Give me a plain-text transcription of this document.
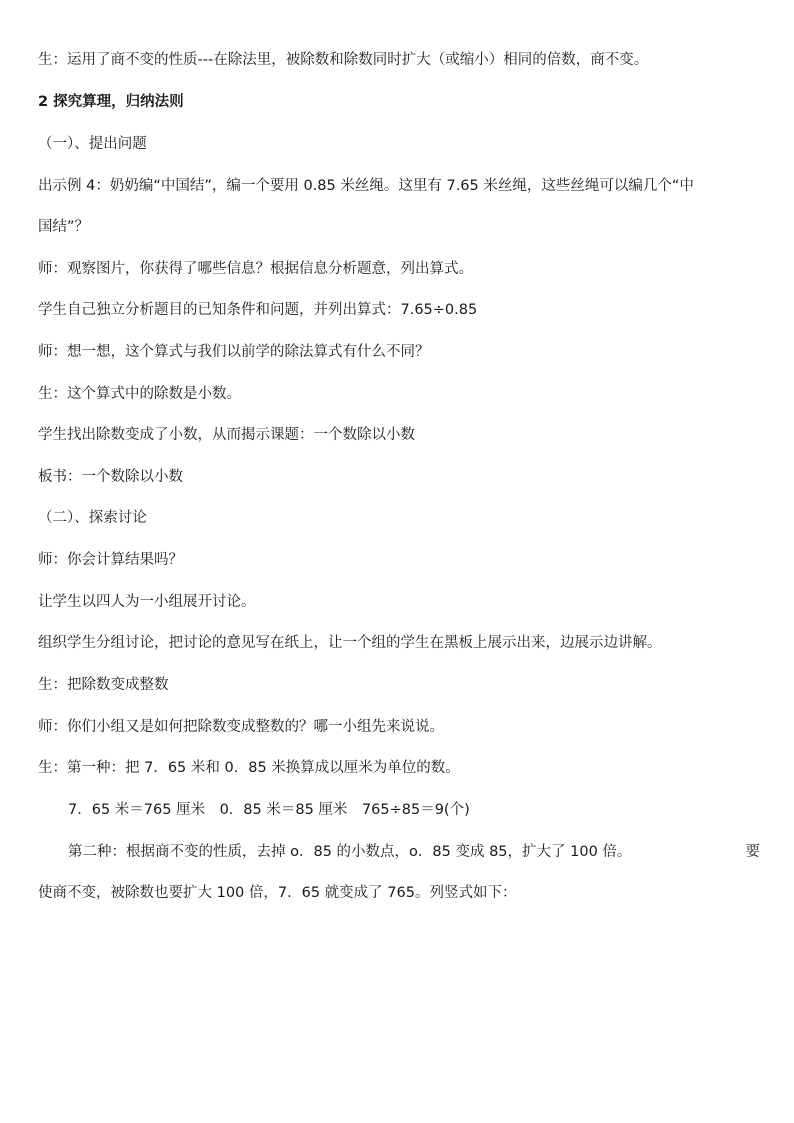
生：运用了商不变的性质---在除法里，被除数和除数同时扩大（或缩小）相同的倍数，商不变。
2 探究算理，归纳法则
（一）、提出问题
出示例 4：奶奶编“中国结”，编一个要用 0.85 米丝绳。这里有 7.65 米丝绳，这些丝绳可以编几个“中
国结”？
师：观察图片，你获得了哪些信息？根据信息分析题意，列出算式。
学生自己独立分析题目的已知条件和问题，并列出算式：7.65÷0.85
师：想一想，这个算式与我们以前学的除法算式有什么不同？
生：这个算式中的除数是小数。
学生找出除数变成了小数，从而揭示课题：一个数除以小数
板书：一个数除以小数
（二）、探索讨论
师：你会计算结果吗？
让学生以四人为一小组展开讨论。
组织学生分组讨论，把讨论的意见写在纸上，让一个组的学生在黑板上展示出来，边展示边讲解。
生：把除数变成整数
师：你们小组又是如何把除数变成整数的？哪一小组先来说说。
生：第一种：把 7．65 米和 0．85 米换算成以厘米为单位的数。
7．65 米＝765 厘米　0．85 米＝85 厘米　765÷85＝9(个)
第二种：根据商不变的性质，去掉 o．85 的小数点，o．85 变成 85，扩大了 100 倍。	要
使商不变，被除数也要扩大 100 倍，7．65 就变成了 765。列竖式如下：
